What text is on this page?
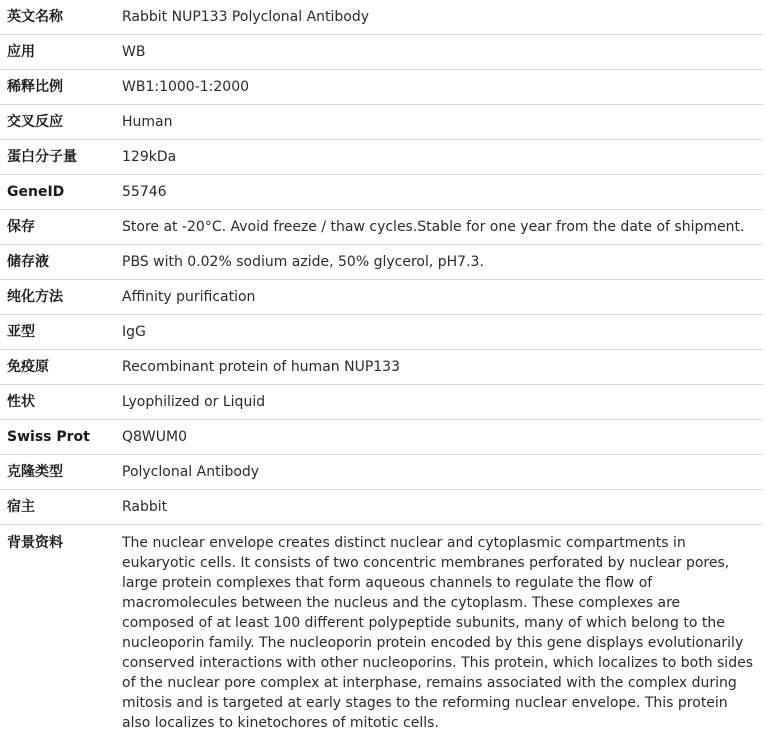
英文名称	Rabbit NUP133 Polyclonal Antibody
应用	WB
稀释比例	WB1:1000-1:2000
交叉反应	Human
蛋白分子量	129kDa
GeneID	55746
保存	Store at -20°C. Avoid freeze / thaw cycles.Stable for one year from the date of shipment.
储存液	PBS with 0.02% sodium azide, 50% glycerol, pH7.3.
纯化方法	Affinity purification
亚型	IgG
免疫原	Recombinant protein of human NUP133
性状	Lyophilized or Liquid
Swiss Prot	Q8WUM0
克隆类型	Polyclonal Antibody
宿主	Rabbit
背景资料	The nuclear envelope creates distinct nuclear and cytoplasmic compartments in eukaryotic cells. It consists of two concentric membranes perforated by nuclear pores, large protein complexes that form aqueous channels to regulate the flow of macromolecules between the nucleus and the cytoplasm. These complexes are composed of at least 100 different polypeptide subunits, many of which belong to the nucleoporin family. The nucleoporin protein encoded by this gene displays evolutionarily conserved interactions with other nucleoporins. This protein, which localizes to both sides of the nuclear pore complex at interphase, remains associated with the complex during mitosis and is targeted at early stages to the reforming nuclear envelope. This protein also localizes to kinetochores of mitotic cells.
